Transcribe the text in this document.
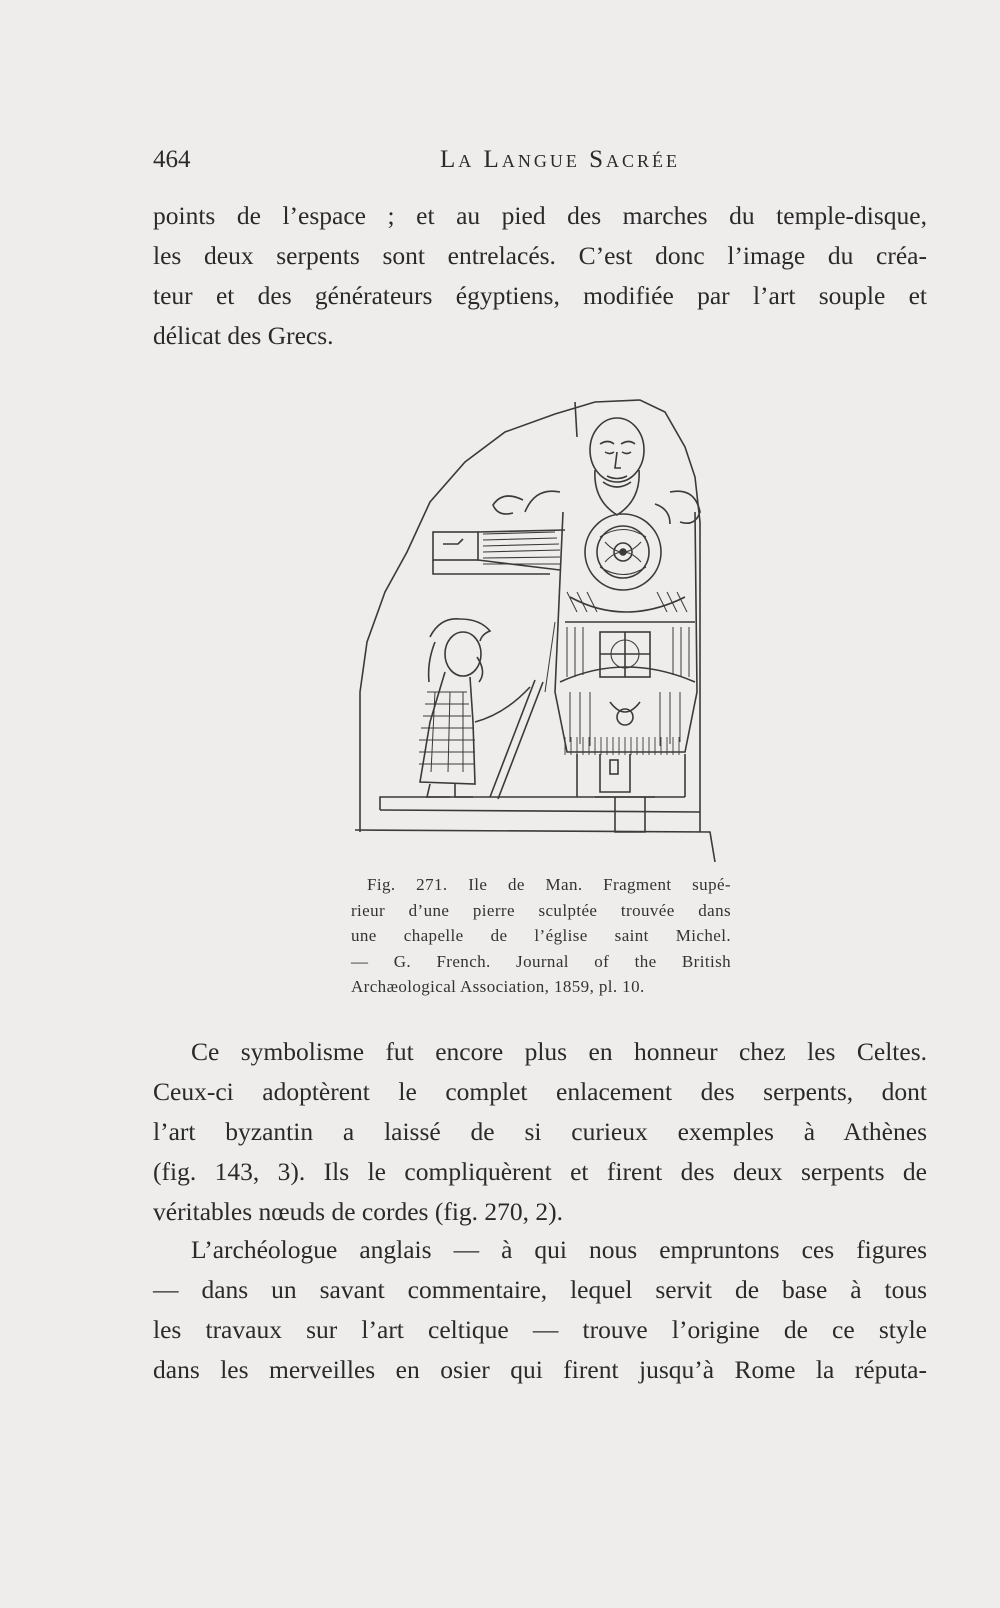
464	La Langue Sacrée
points de l’espace ; et au pied des marches du temple-disque,
les deux serpents sont entrelacés. C’est donc l’image du créa-
teur et des générateurs égyptiens, modifiée par l’art souple et
délicat des Grecs.
Fig. 271. Ile de Man. Fragment supé-
rieur d’une pierre sculptée trouvée dans
une chapelle de l’église saint Michel.
— G. French. Journal of the British
Archæological Association, 1859, pl. 10.
Ce symbolisme fut encore plus en honneur chez les Celtes.
Ceux-ci adoptèrent le complet enlacement des serpents, dont
l’art byzantin a laissé de si curieux exemples à Athènes
(fig. 143, 3). Ils le compliquèrent et firent des deux serpents de
véritables nœuds de cordes (fig. 270, 2).
L’archéologue anglais — à qui nous empruntons ces figures
— dans un savant commentaire, lequel servit de base à tous
les travaux sur l’art celtique — trouve l’origine de ce style
dans les merveilles en osier qui firent jusqu’à Rome la réputa-
